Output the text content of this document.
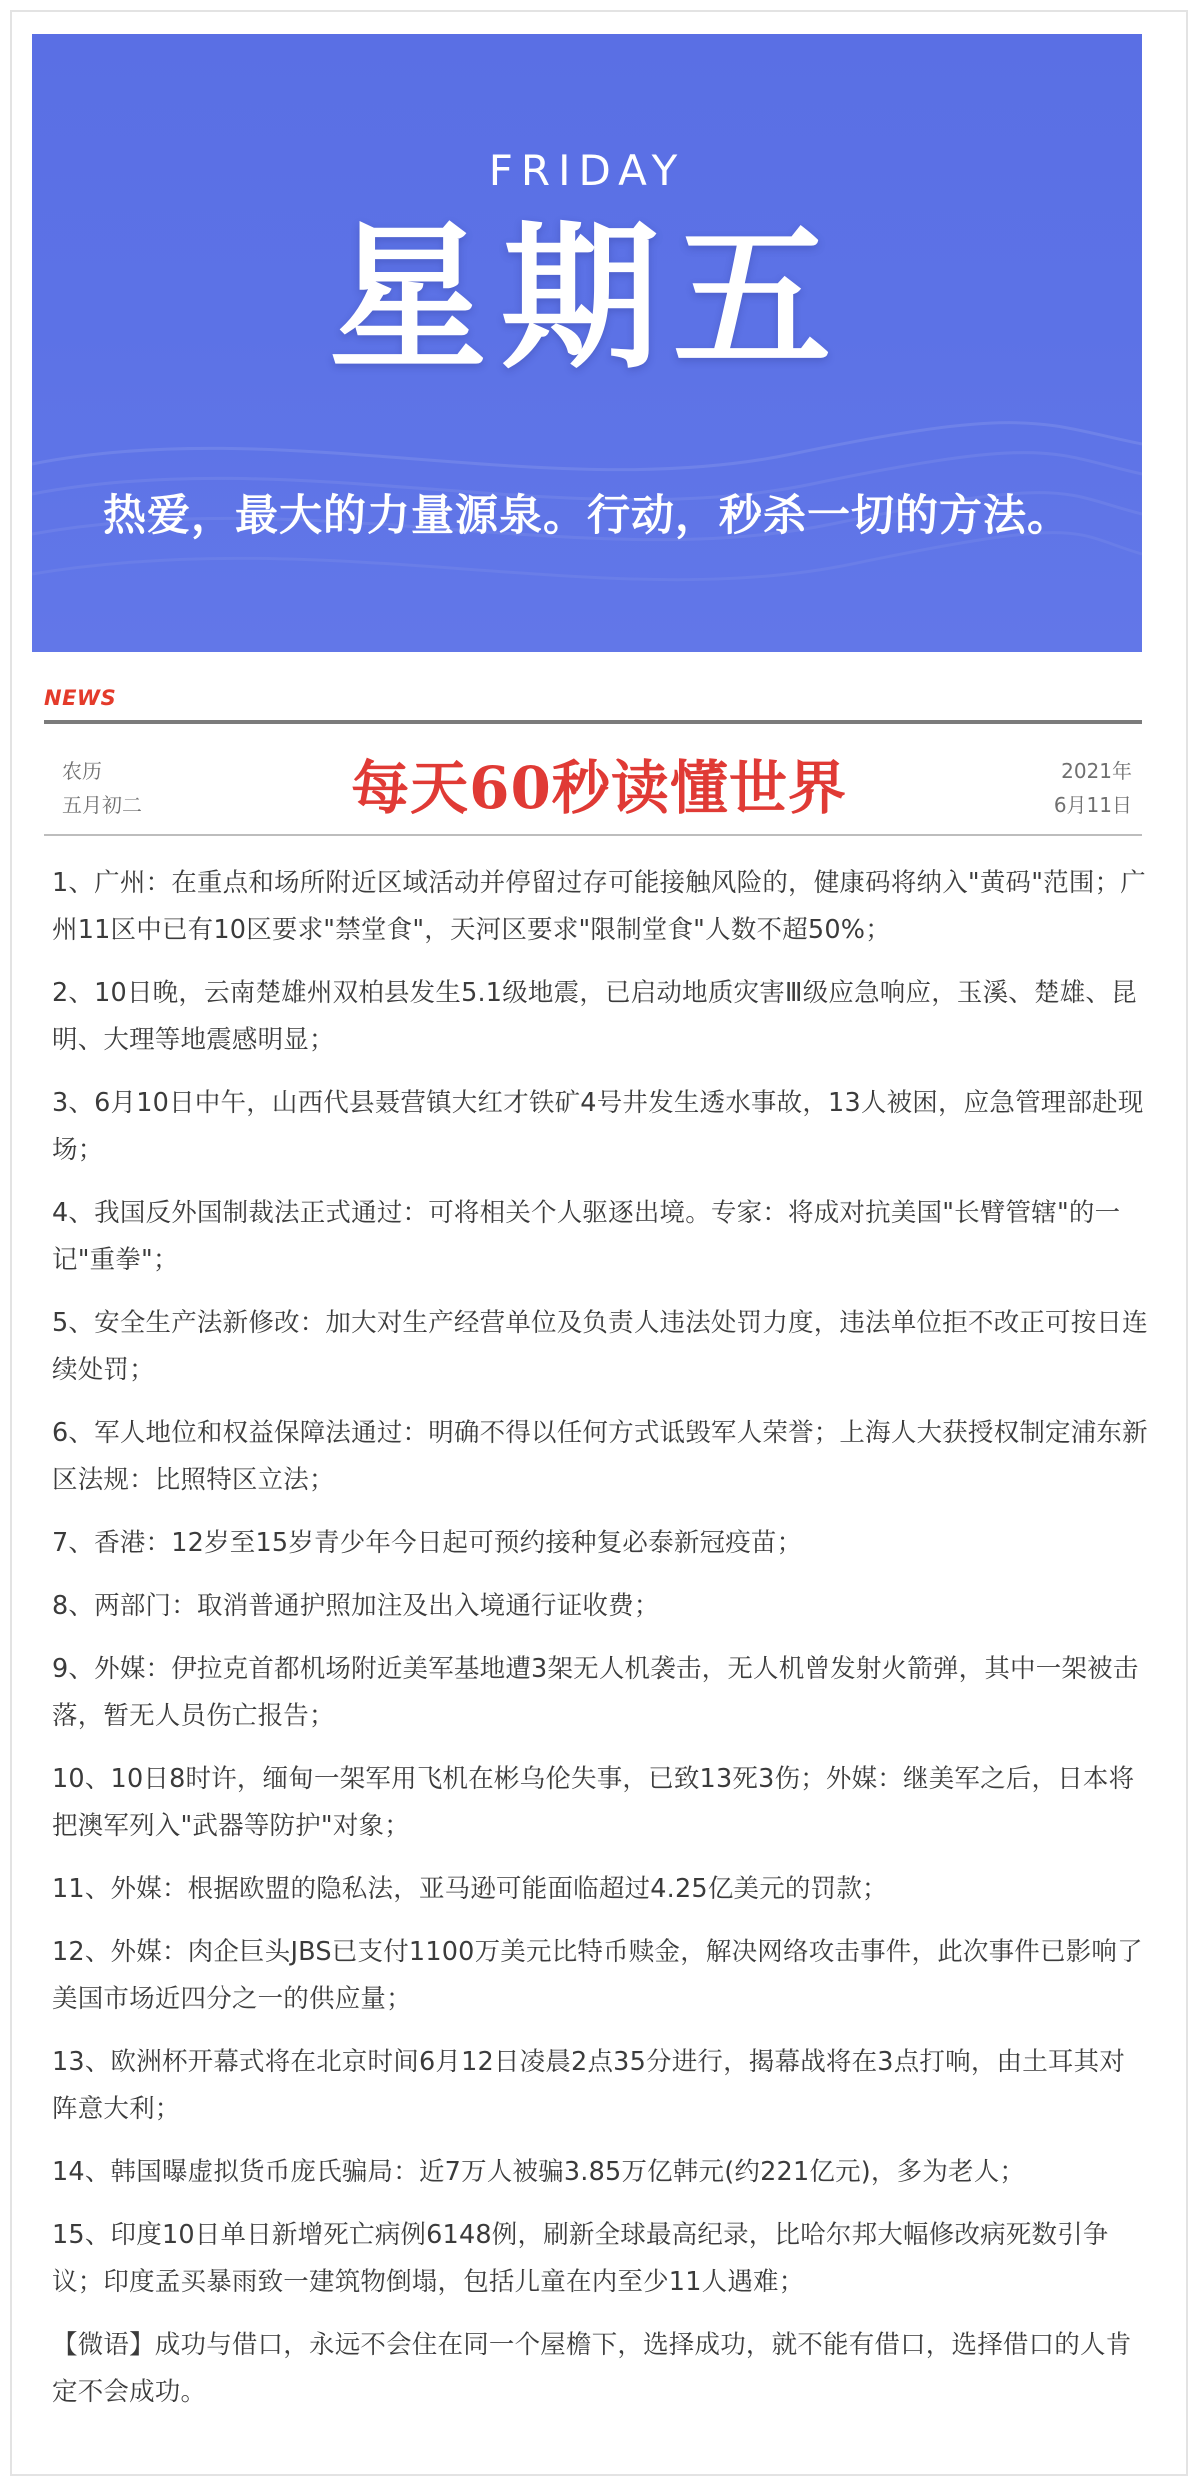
FRIDAY
星期五
热爱，最大的力量源泉。行动，秒杀一切的方法。
NEWS
农历
五月初二	每天60秒读懂世界	2021年
6月11日

1、广州：在重点和场所附近区域活动并停留过存可能接触风险的，健康码将纳入"黄码"范围；广州11区中已有10区要求"禁堂食"，天河区要求"限制堂食"人数不超50%；

2、10日晚，云南楚雄州双柏县发生5.1级地震，已启动地质灾害Ⅲ级应急响应，玉溪、楚雄、昆明、大理等地震感明显；

3、6月10日中午，山西代县聂营镇大红才铁矿4号井发生透水事故，13人被困，应急管理部赴现场；

4、我国反外国制裁法正式通过：可将相关个人驱逐出境。专家：将成对抗美国"长臂管辖"的一记"重拳"；

5、安全生产法新修改：加大对生产经营单位及负责人违法处罚力度，违法单位拒不改正可按日连续处罚；

6、军人地位和权益保障法通过：明确不得以任何方式诋毁军人荣誉；上海人大获授权制定浦东新区法规：比照特区立法；

7、香港：12岁至15岁青少年今日起可预约接种复必泰新冠疫苗；

8、两部门：取消普通护照加注及出入境通行证收费；

9、外媒：伊拉克首都机场附近美军基地遭3架无人机袭击，无人机曾发射火箭弹，其中一架被击落，暂无人员伤亡报告；

10、10日8时许，缅甸一架军用飞机在彬乌伦失事，已致13死3伤；外媒：继美军之后，日本将把澳军列入"武器等防护"对象；

11、外媒：根据欧盟的隐私法，亚马逊可能面临超过4.25亿美元的罚款；

12、外媒：肉企巨头JBS已支付1100万美元比特币赎金，解决网络攻击事件，此次事件已影响了美国市场近四分之一的供应量；

13、欧洲杯开幕式将在北京时间6月12日凌晨2点35分进行，揭幕战将在3点打响，由土耳其对阵意大利；

14、韩国曝虚拟货币庞氏骗局：近7万人被骗3.85万亿韩元(约221亿元)，多为老人；

15、印度10日单日新增死亡病例6148例，刷新全球最高纪录，比哈尔邦大幅修改病死数引争议；印度孟买暴雨致一建筑物倒塌，包括儿童在内至少11人遇难；

【微语】成功与借口，永远不会住在同一个屋檐下，选择成功，就不能有借口，选择借口的人肯定不会成功。
